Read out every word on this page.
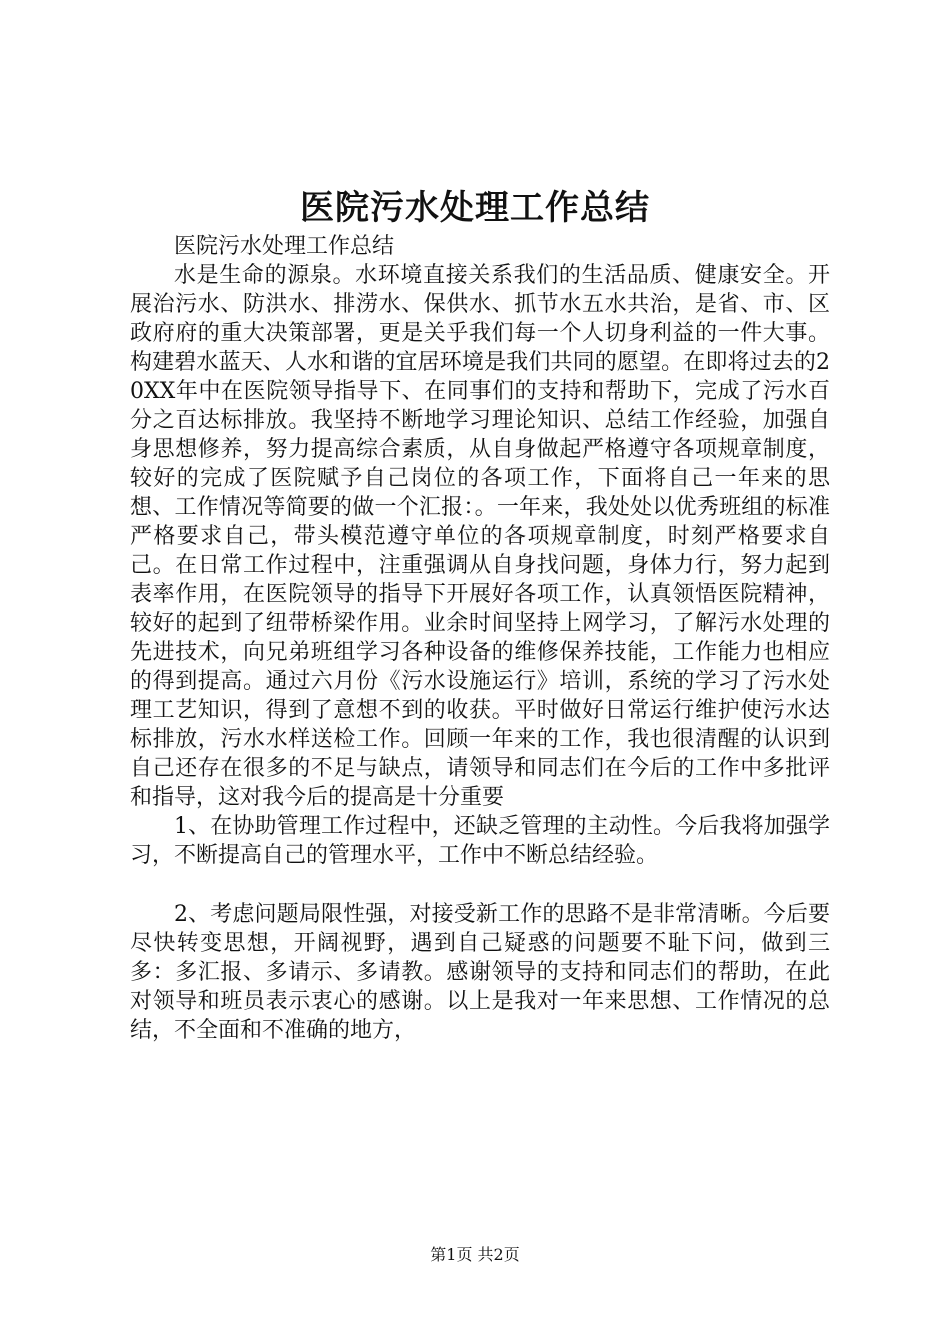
医院污水处理工作总结

医院污水处理工作总结

水是生命的源泉。水环境直接关系我们的生活品质、健康安全。开展治污水、防洪水、排涝水、保供水、抓节水五水共治，是省、市、区政府府的重大决策部署，更是关乎我们每一个人切身利益的一件大事。构建碧水蓝天、人水和谐的宜居环境是我们共同的愿望。在即将过去的20XX年中在医院领导指导下、在同事们的支持和帮助下，完成了污水百分之百达标排放。我坚持不断地学习理论知识、总结工作经验，加强自身思想修养，努力提高综合素质，从自身做起严格遵守各项规章制度，较好的完成了医院赋予自己岗位的各项工作，下面将自己一年来的思想、工作情况等简要的做一个汇报：。一年来，我处处以优秀班组的标准严格要求自己，带头模范遵守单位的各项规章制度，时刻严格要求自己。在日常工作过程中，注重强调从自身找问题，身体力行，努力起到表率作用，在医院领导的指导下开展好各项工作，认真领悟医院精神，较好的起到了纽带桥梁作用。业余时间坚持上网学习，了解污水处理的先进技术，向兄弟班组学习各种设备的维修保养技能，工作能力也相应的得到提高。通过六月份《污水设施运行》培训，系统的学习了污水处理工艺知识，得到了意想不到的收获。平时做好日常运行维护使污水达标排放，污水水样送检工作。回顾一年来的工作，我也很清醒的认识到自己还存在很多的不足与缺点，请领导和同志们在今后的工作中多批评和指导，这对我今后的提高是十分重要

1、在协助管理工作过程中，还缺乏管理的主动性。今后我将加强学习，不断提高自己的管理水平，工作中不断总结经验。

2、考虑问题局限性强，对接受新工作的思路不是非常清晰。今后要尽快转变思想，开阔视野，遇到自己疑惑的问题要不耻下问，做到三多：多汇报、多请示、多请教。感谢领导的支持和同志们的帮助，在此对领导和班员表示衷心的感谢。以上是我对一年来思想、工作情况的总结，不全面和不准确的地方，

第1页 共2页
